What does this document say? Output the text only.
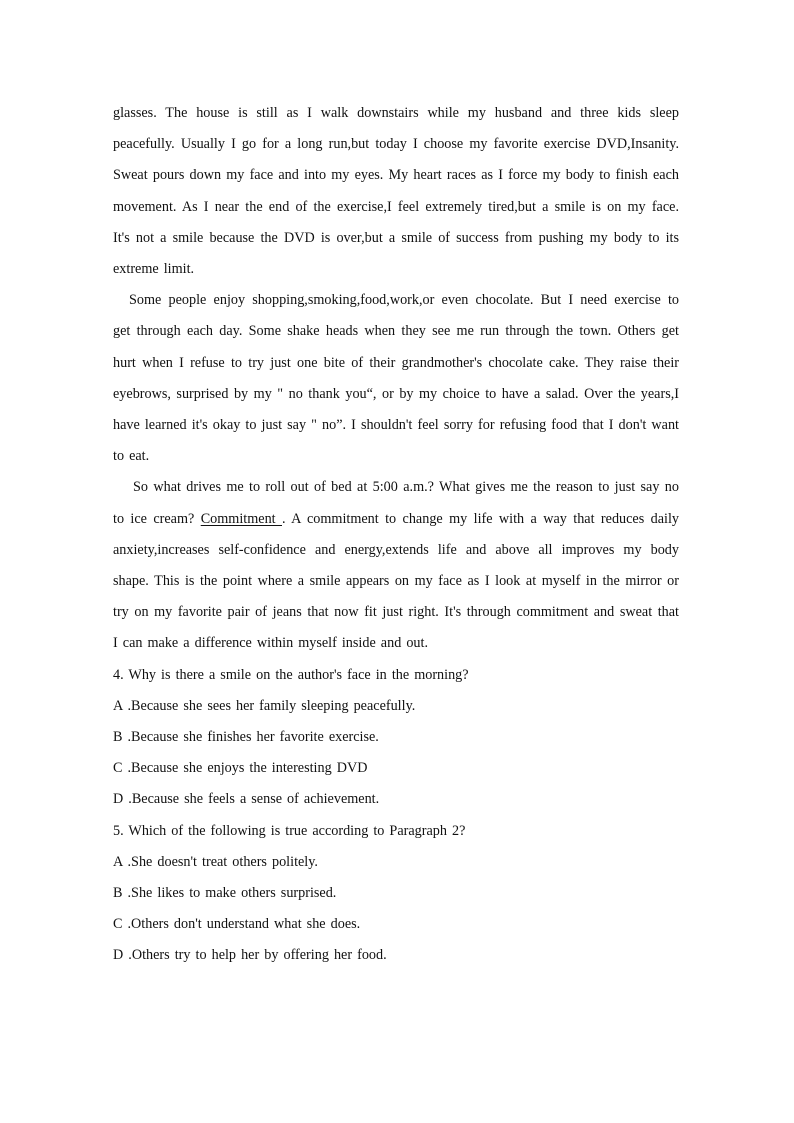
glasses. The house is still as I walk downstairs while my husband and three kids sleep peacefully. Usually I go for a long run,but today I choose my favorite exercise DVD,Insanity. Sweat pours down my face and into my eyes. My heart races as I force my body to finish each movement. As I near the end of the exercise,I feel extremely tired,but a smile is on my face. It's not a smile because the DVD is over,but a smile of success from pushing my body to its extreme limit.

Some people enjoy shopping,smoking,food,work,or even chocolate. But I need exercise to get through each day. Some shake heads when they see me run through the town. Others get hurt when I refuse to try just one bite of their grandmother's chocolate cake. They raise their eyebrows, surprised by my " no thank you“, or by my choice to have a salad. Over the years,I have learned it's okay to just say " no”. I shouldn't feel sorry for refusing food that I don't want to eat.

So what drives me to roll out of bed at 5:00 a.m.? What gives me the reason to just say no to ice cream? Commitment . A commitment to change my life with a way that reduces daily anxiety,increases self-confidence and energy,extends life and above all improves my body shape. This is the point where a smile appears on my face as I look at myself in the mirror or try on my favorite pair of jeans that now fit just right. It's through commitment and sweat that I can make a difference within myself inside and out.

4. Why is there a smile on the author's face in the morning?

A .Because she sees her family sleeping peacefully.

B .Because she finishes her favorite exercise.

C .Because she enjoys the interesting DVD

D .Because she feels a sense of achievement.

5. Which of the following is true according to Paragraph 2?

A .She doesn't treat others politely.

B .She likes to make others surprised.

C .Others don't understand what she does.

D .Others try to help her by offering her food.
